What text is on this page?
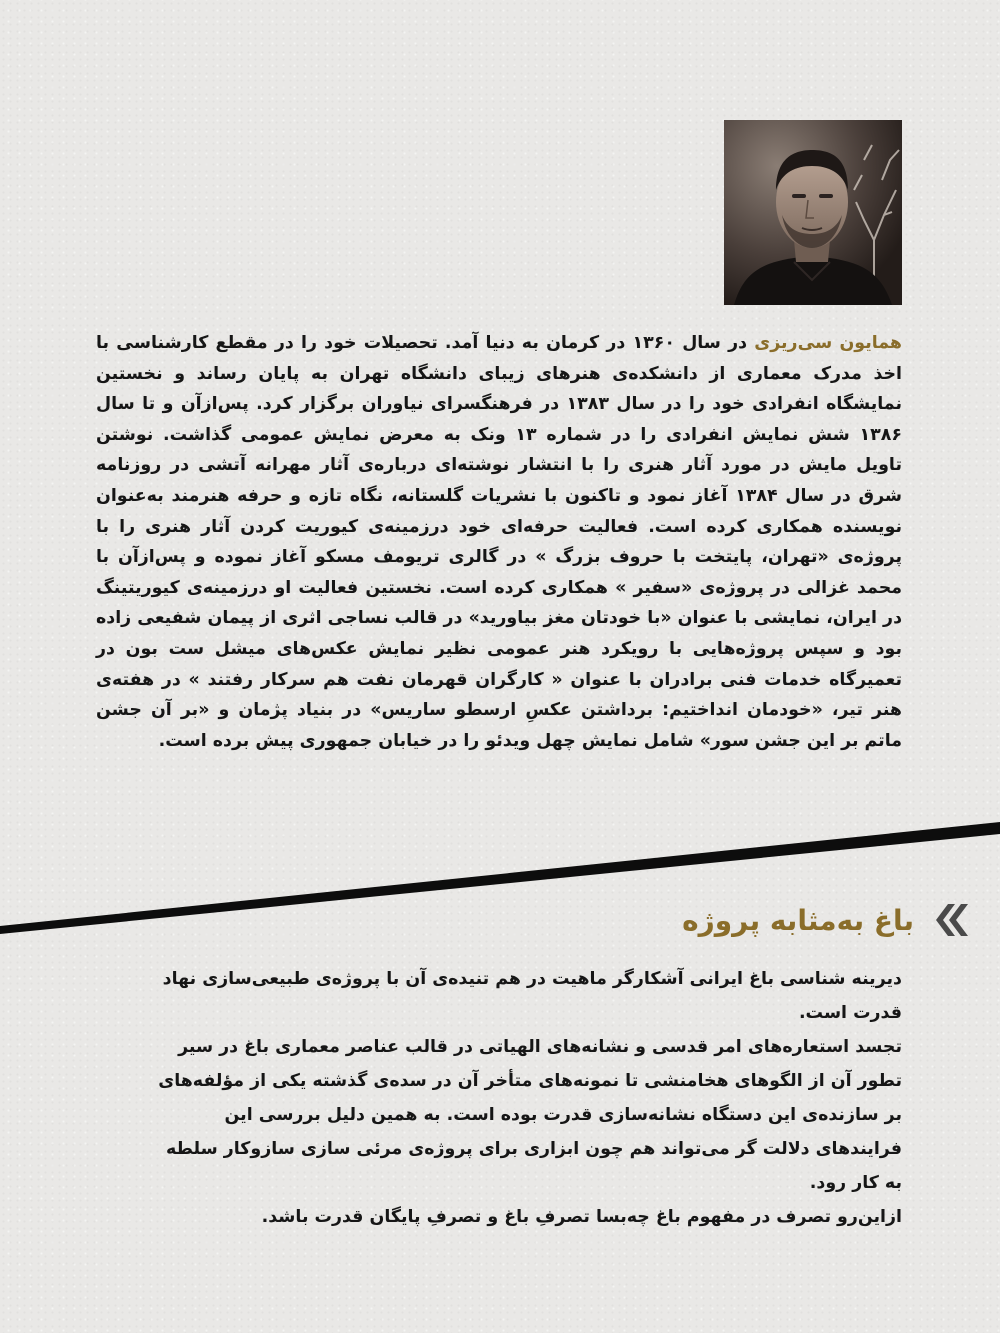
همایون سی‌ریزی در سال ۱۳۶۰ در کرمان به دنیا آمد. تحصیلات خود را در مقطع کارشناسی با اخذ مدرک معماری از دانشکده‌ی هنرهای زیبای دانشگاه تهران به پایان رساند و نخستین نمایشگاه انفرادی خود را در سال ۱۳۸۳ در فرهنگسرای نیاوران برگزار کرد. پس‌ازآن و تا سال ۱۳۸۶ شش نمایش انفرادی را در شماره ۱۳ ونک به معرض نمایش عمومی گذاشت. نوشتن تاویل مایش در مورد آثار هنری را با انتشار نوشته‌ای درباره‌ی آثار مهرانه آتشی در روزنامه شرق در سال ۱۳۸۴ آغاز نمود و تاکنون با نشریات گلستانه، نگاه تازه و حرفه هنرمند به‌عنوان نویسنده همکاری کرده است. فعالیت حرفه‌ای خود درزمینه‌ی کیوریت کردن آثار هنری را با پروژه‌ی «تهران، پایتخت با حروف بزرگ » در گالری تریومف مسکو آغاز نموده و پس‌ازآن با محمد غزالی در پروژه‌ی «سفیر » همکاری کرده است. نخستین فعالیت او درزمینه‌ی کیوریتینگ در ایران، نمایشی با عنوان «با خودتان مغز بیاورید» در قالب نساجی اثری از پیمان شفیعی زاده بود و سپس پروژه‌هایی با رویکرد هنر عمومی نظیر نمایش عکس‌های میشل ست بون در تعمیرگاه خدمات فنی برادران با عنوان « کارگران قهرمان نفت هم سرکار رفتند » در هفته‌ی هنر تیر، «خودمان انداختیم: برداشتن عکسِ ارسطو ساریس» در بنیاد پژمان و «بر آن جشن ماتم بر این جشن سور» شامل نمایش چهل ویدئو را در خیابان جمهوری پیش برده است.
باغ به‌مثابه پروژه

دیرینه شناسی باغ ایرانی آشکارگر ماهیت در هم تنیده‌ی آن با پروژه‌ی طبیعی‌سازی نهاد قدرت است.

تجسد استعاره‌های امر قدسی و نشانه‌های الهیاتی در قالب عناصر معماری باغ در سیر تطور آن از الگوهای هخامنشی تا نمونه‌های متأخر آن در سده‌ی گذشته یکی از مؤلفه‌های بر سازنده‌ی این دستگاه نشانه‌سازی قدرت بوده است. به همین دلیل بررسی این فرایندهای دلالت گر می‌تواند هم چون ابزاری برای پروژه‌ی مرئی سازی سازوکار سلطه به کار رود.

ازاین‌رو تصرف در مفهوم باغ چه‌بسا تصرفِ باغ و تصرفِ پایگان قدرت باشد.
